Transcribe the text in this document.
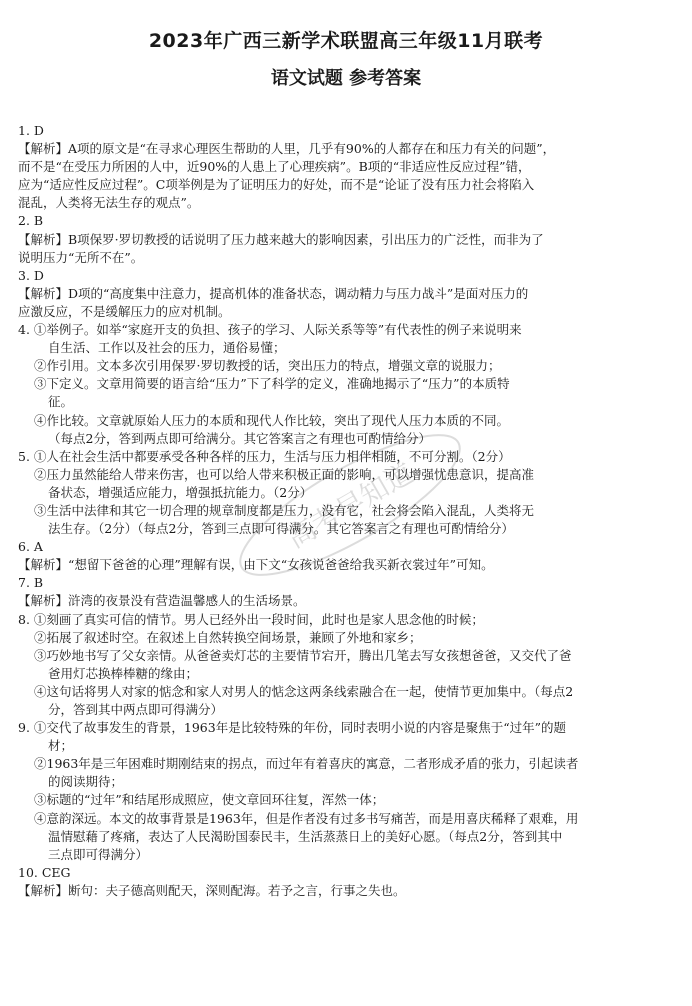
2023年广西三新学术联盟高三年级11月联考
语文试题 参考答案
1. D
【解析】A项的原文是“在寻求心理医生帮助的人里，几乎有90%的人都存在和压力有关的问题”，
而不是“在受压力所困的人中，近90%的人患上了心理疾病”。B项的“非适应性反应过程”错，
应为“适应性反应过程”。C项举例是为了证明压力的好处，而不是“论证了没有压力社会将陷入
混乱，人类将无法生存的观点”。
2. B
【解析】B项保罗·罗切教授的话说明了压力越来越大的影响因素，引出压力的广泛性，而非为了
说明压力“无所不在”。
3. D
【解析】D项的“高度集中注意力，提高机体的准备状态，调动精力与压力战斗”是面对压力的
应激反应，不是缓解压力的应对机制。
4. ①举例子。如举“家庭开支的负担、孩子的学习、人际关系等等”有代表性的例子来说明来
自生活、工作以及社会的压力，通俗易懂；
②作引用。文本多次引用保罗·罗切教授的话，突出压力的特点，增强文章的说服力；
③下定义。文章用简要的语言给“压力”下了科学的定义，准确地揭示了“压力”的本质特
征。
④作比较。文章就原始人压力的本质和现代人作比较，突出了现代人压力本质的不同。
（每点2分，答到两点即可给满分。其它答案言之有理也可酌情给分）
5. ①人在社会生活中都要承受各种各样的压力，生活与压力相伴相随，不可分割。（2分）
②压力虽然能给人带来伤害，也可以给人带来积极正面的影响，可以增强忧患意识，提高准
备状态，增强适应能力，增强抵抗能力。（2分）
③生活中法律和其它一切合理的规章制度都是压力，没有它，社会将会陷入混乱，人类将无
法生存。（2分）（每点2分，答到三点即可得满分。其它答案言之有理也可酌情给分）
6. A
【解析】“想留下爸爸的心理”理解有误，由下文“女孩说爸爸给我买新衣裳过年”可知。
7. B
【解析】浒湾的夜景没有营造温馨感人的生活场景。
8. ①刻画了真实可信的情节。男人已经外出一段时间，此时也是家人思念他的时候；
②拓展了叙述时空。在叙述上自然转换空间场景，兼顾了外地和家乡；
③巧妙地书写了父女亲情。从爸爸卖灯芯的主要情节宕开，腾出几笔去写女孩想爸爸，又交代了爸
爸用灯芯换棒棒糖的缘由；
④这句话将男人对家的惦念和家人对男人的惦念这两条线索融合在一起，使情节更加集中。（每点2
分，答到其中两点即可得满分）
9. ①交代了故事发生的背景，1963年是比较特殊的年份，同时表明小说的内容是聚焦于“过年”的题
材；
②1963年是三年困难时期刚结束的拐点，而过年有着喜庆的寓意，二者形成矛盾的张力，引起读者
的阅读期待；
③标题的“过年”和结尾形成照应，使文章回环往复，浑然一体；
④意韵深远。本文的故事背景是1963年，但是作者没有过多书写痛苦，而是用喜庆稀释了艰难，用
温情慰藉了疼痛，表达了人民渴盼国泰民丰，生活蒸蒸日上的美好心愿。（每点2分，答到其中
三点即可得满分）
10. CEG
【解析】断句：夫子德高则配天，深则配海。若予之言，行事之失也。
高考早知道
